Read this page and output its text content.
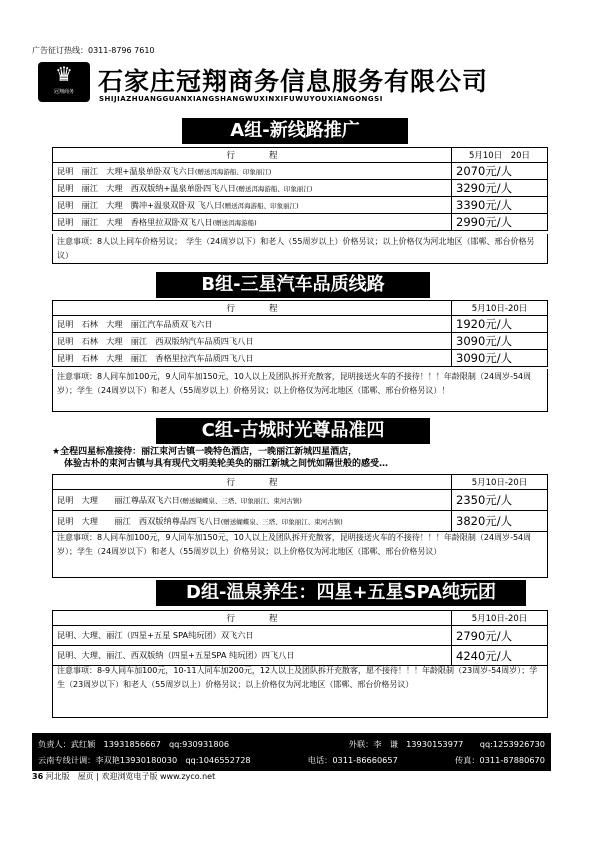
广告征订热线：0311-8796 7610
♛
冠翔商务 石家庄冠翔商务信息服务有限公司
SHIJIAZHUANGGUANXIANGSHANGWUXINXIFUWUYOUXIANGONGSI
A组-新线路推广
行　　　　程	5月10日　20日
昆明　丽江　大理+温泉单卧双飞六日(赠送洱海游船、印象丽江)	2070元/人
昆明　丽江　大理　西双版纳+温泉单卧四飞八日(赠送洱海游船、印象丽江)	3290元/人
昆明　丽江　大理　腾冲+温泉双卧双 飞八日(赠送洱海游船、印象丽江)	3390元/人
昆明　丽江　大理　香格里拉双卧双飞八日(赠送洱海游船)	2990元/人
注意事项：8人以上同车价格另议；　学生（24周岁以下）和老人（55周岁以上）价格另议；以上价格仅为河北地区（邯郸、邢台价格另议）
B组-三星汽车品质线路
行　　　　程	5月10日-20日
昆明　石林　大理　丽江汽车品质双飞六日	1920元/人
昆明　石林　大理　丽江　西双版纳汽车品质四飞八日	3090元/人
昆明　石林　大理　丽江　香格里拉汽车品质四飞八日	3090元/人
注意事项：8人同车加100元，9人同车加150元，10人以上及团队拆开充散客，昆明接送火车的不接待！！！年龄限制（24周岁-54周岁）；学生（24周岁以下）和老人（55周岁以上）价格另议；以上价格仅为河北地区（邯郸、邢台价格另议）！
C组-古城时光尊品准四
★全程四星标准接待：丽江束河古镇一晚特色酒店，一晚丽江新城四星酒店，
体验古朴的束河古镇与具有现代文明美轮美奂的丽江新城之间恍如隔世般的感受…
行　　　　程	5月10日-20日
昆明　大理　　丽江尊品双飞六日(赠送蝴蝶泉、三塔、印象丽江、束河古镇)	2350元/人
昆明　大理　　丽江　西双版纳尊品四飞八日(赠送蝴蝶泉、三塔、印象丽江、束河古镇)	3820元/人
注意事项：8人同车加100元，9人同车加150元，10人以上及团队拆开充散客，昆明接送火车的不接待！！！年龄限制（24周岁-54周岁）；学生（24周岁以下）和老人（55周岁以上）价格另议；以上价格仅为河北地区（邯郸、邢台价格另议）
D组-温泉养生：四星+五星SPA纯玩团
行　　　　程	5月10日-20日
昆明、大理、丽江（四星+五星 SPA纯玩团）双飞六日	2790元/人
昆明、大理、丽江、西双版纳（四星+五星SPA 纯玩团）四飞八日	4240元/人
注意事项：8-9人同车加100元，10-11人同车加200元，12人以上及团队拆开充散客，愿不接待！！！年龄限制（23周岁-54周岁）；学生（23周岁以下）和老人（55周岁以上）价格另议；以上价格仅为河北地区（邯郸、邢台价格另议）
负责人：武红颖　13931856667　qq:930931806	外联：李　谦　13930153977　　qq:1253926730
云南专线计调：李双艳13930180030　qq:1046552728	电话：0311-86660657	传真：0311-87880670
36 河北版　屋页 | 欢迎浏览电子版 www.zyco.net
